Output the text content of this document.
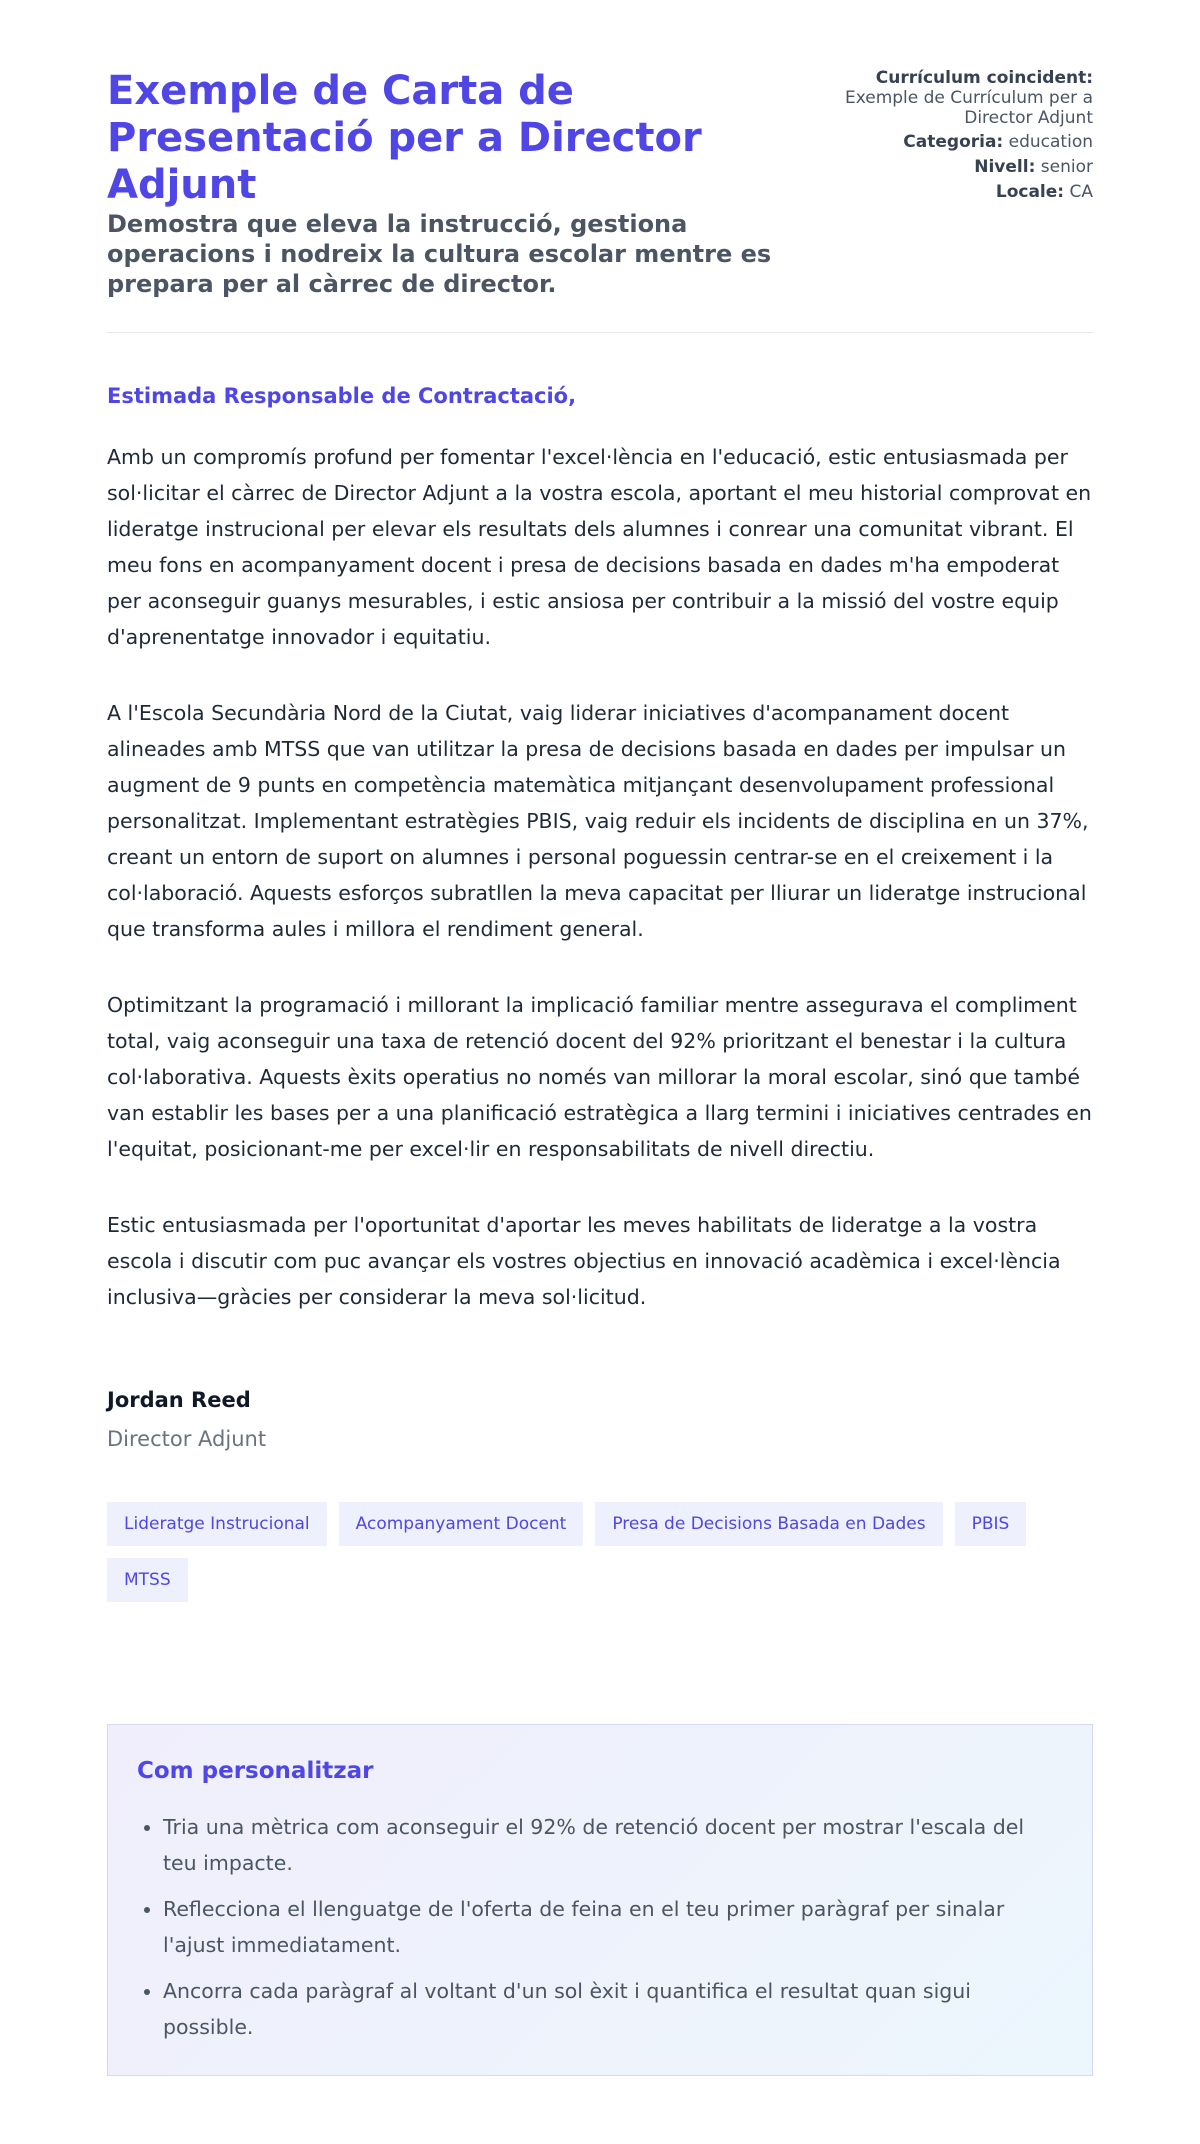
Exemple de Carta de Presentació per a Director Adjunt

Demostra que eleva la instrucció, gestiona operacions i nodreix la cultura escolar mentre es prepara per al càrrec de director.

Currículum coincident:
Exemple de Currículum per a Director Adjunt
Categoria: education
Nivell: senior
Locale: CA

Estimada Responsable de Contractació,

Amb un compromís profund per fomentar l'excel·lència en l'educació, estic entusiasmada per sol·licitar el càrrec de Director Adjunt a la vostra escola, aportant el meu historial comprovat en lideratge instrucional per elevar els resultats dels alumnes i conrear una comunitat vibrant. El meu fons en acompanyament docent i presa de decisions basada en dades m'ha empoderat per aconseguir guanys mesurables, i estic ansiosa per contribuir a la missió del vostre equip d'aprenentatge innovador i equitatiu.

A l'Escola Secundària Nord de la Ciutat, vaig liderar iniciatives d'acompanament docent alineades amb MTSS que van utilitzar la presa de decisions basada en dades per impulsar un augment de 9 punts en competència matemàtica mitjançant desenvolupament professional personalitzat. Implementant estratègies PBIS, vaig reduir els incidents de disciplina en un 37%, creant un entorn de suport on alumnes i personal poguessin centrar-se en el creixement i la col·laboració. Aquests esforços subratllen la meva capacitat per lliurar un lideratge instrucional que transforma aules i millora el rendiment general.

Optimitzant la programació i millorant la implicació familiar mentre assegurava el compliment total, vaig aconseguir una taxa de retenció docent del 92% prioritzant el benestar i la cultura col·laborativa. Aquests èxits operatius no només van millorar la moral escolar, sinó que també van establir les bases per a una planificació estratègica a llarg termini i iniciatives centrades en l'equitat, posicionant-me per excel·lir en responsabilitats de nivell directiu.

Estic entusiasmada per l'oportunitat d'aportar les meves habilitats de lideratge a la vostra escola i discutir com puc avançar els vostres objectius en innovació acadèmica i excel·lència inclusiva—gràcies per considerar la meva sol·licitud.

Jordan Reed

Director Adjunt

Lideratge Instrucional	Acompanyament Docent	Presa de Decisions Basada en Dades	PBIS
MTSS
Com personalitzar
• Tria una mètrica com aconseguir el 92% de retenció docent per mostrar l'escala del teu impacte.
• Reflecciona el llenguatge de l'oferta de feina en el teu primer paràgraf per sinalar l'ajust immediatament.
• Ancorra cada paràgraf al voltant d'un sol èxit i quantifica el resultat quan sigui possible.
